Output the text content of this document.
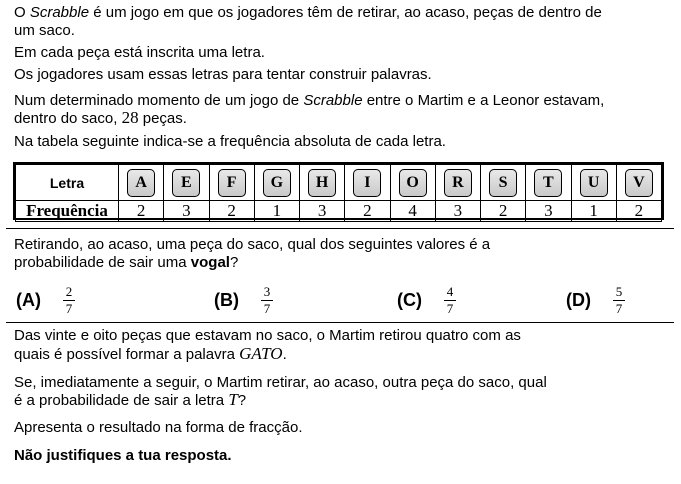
O Scrabble é um jogo em que os jogadores têm de retirar, ao acaso, peças de dentro de
um saco.
Em cada peça está inscrita uma letra.
Os jogadores usam essas letras para tentar construir palavras.
Num determinado momento de um jogo de Scrabble entre o Martim e a Leonor estavam,
dentro do saco, 28 peças.
Na tabela seguinte indica-se a frequência absoluta de cada letra.
Letra	A	E	F	G	H	I	O	R	S	T	U	V
Frequência	2	3	2	1	3	2	4	3	2	3	1	2
Retirando, ao acaso, uma peça do saco, qual dos seguintes valores é a
probabilidade de sair uma vogal?
$(A) \frac{2}{7}$	$(B) \frac{3}{7}$	$(C) \frac{4}{7}$	$(D) \frac{5}{7}$
Das vinte e oito peças que estavam no saco, o Martim retirou quatro com as
quais é possível formar a palavra GATO.
Se, imediatamente a seguir, o Martim retirar, ao acaso, outra peça do saco, qual
é a probabilidade de sair a letra T?
Apresenta o resultado na forma de fracção.
Não justifiques a tua resposta.
